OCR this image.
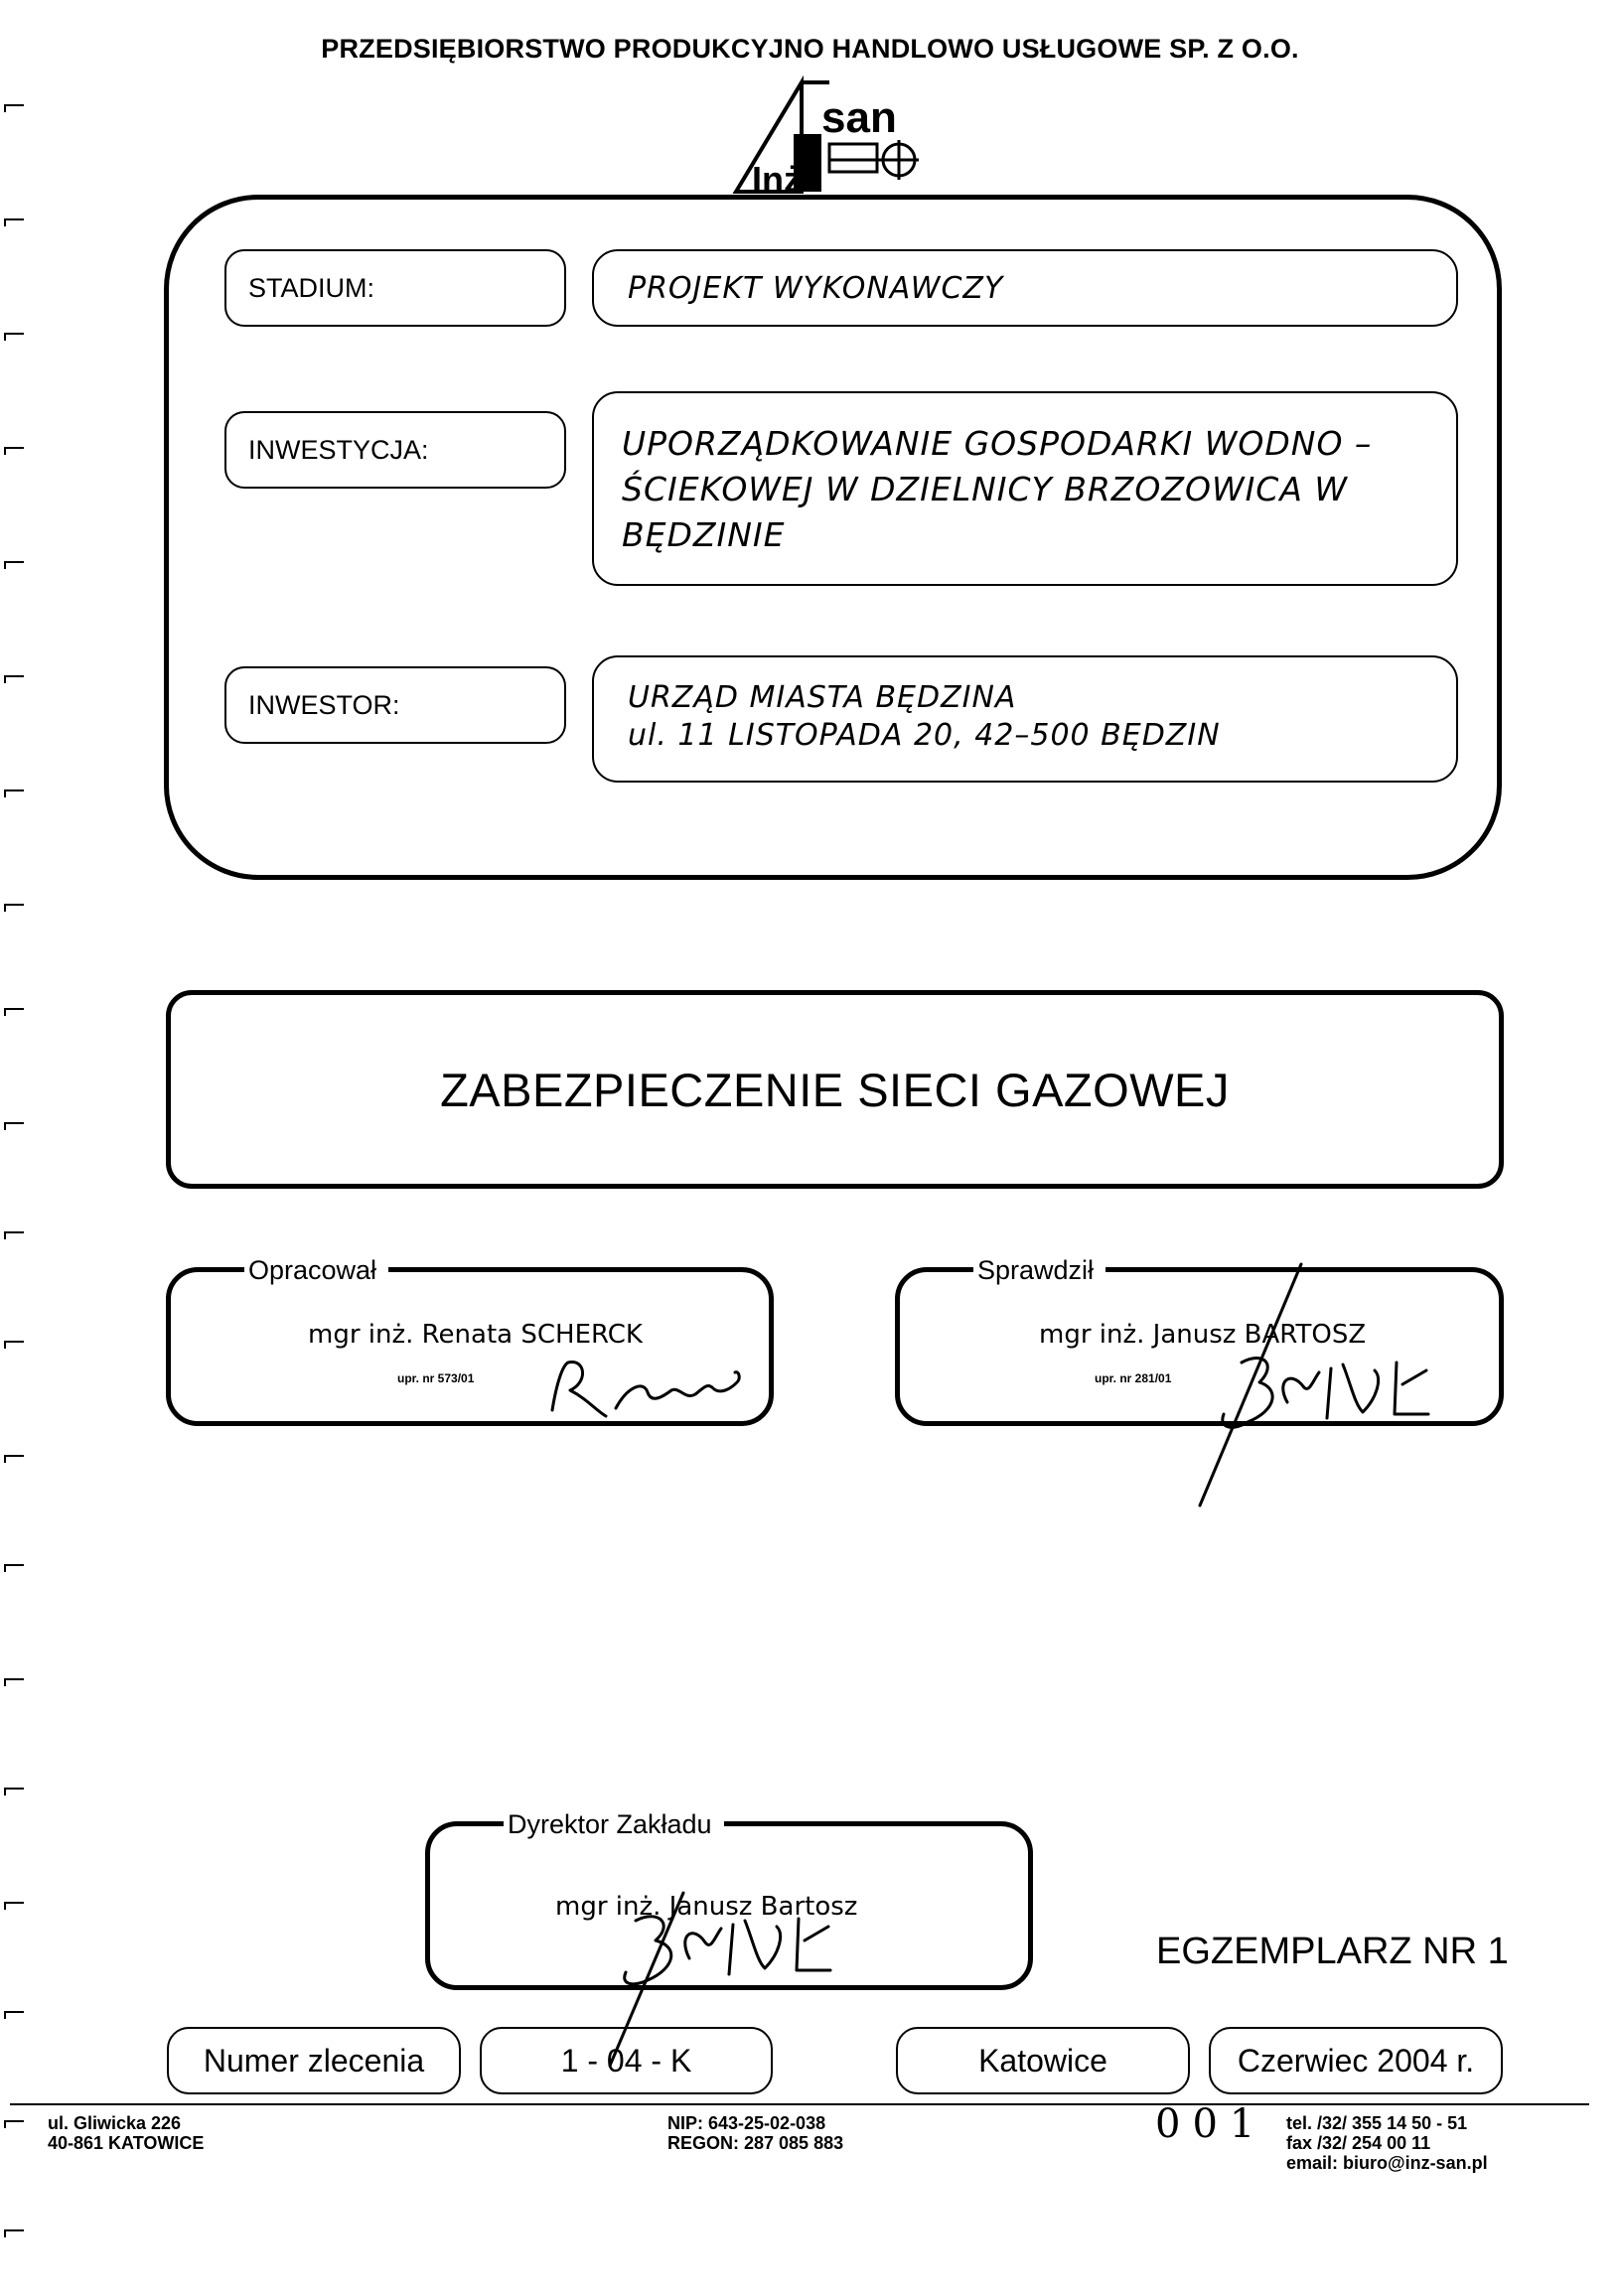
PRZEDSIĘBIORSTWO PRODUKCYJNO HANDLOWO USŁUGOWE SP. Z O.O.
san
Inż
STADIUM:	PROJEKT WYKONAWCZY
INWESTYCJA:	UPORZĄDKOWANIE GOSPODARKI WODNO –
ŚCIEKOWEJ W DZIELNICY BRZOZOWICA W
BĘDZINIE
INWESTOR:	URZĄD MIASTA BĘDZINA
ul. 11 LISTOPADA 20, 42–500 BĘDZIN
ZABEZPIECZENIE SIECI GAZOWEJ
Opracował
mgr inż. Renata SCHERCK
upr. nr 573/01
Sprawdził
mgr inż. Janusz BARTOSZ
upr. nr 281/01
Dyrektor Zakładu
mgr inż. Janusz Bartosz
EGZEMPLARZ NR 1
Numer zlecenia	1 - 04 - K	Katowice	Czerwiec 2004 r.
ul. Gliwicka 226
40-861 KATOWICE
NIP: 643-25-02-038
REGON: 287 085 883
tel. /32/ 355 14 50 - 51
fax /32/ 254 00 11
email: biuro@inz-san.pl
001
